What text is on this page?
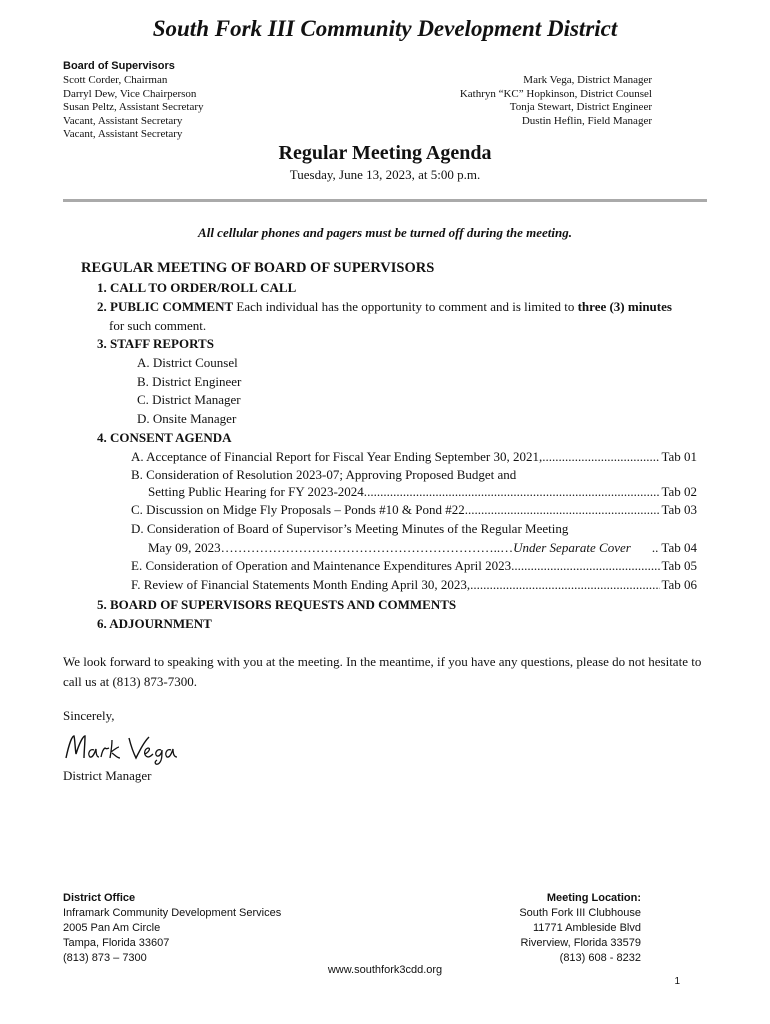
South Fork III Community Development District
Board of Supervisors
Scott Corder, Chairman
Darryl Dew, Vice Chairperson
Susan Peltz, Assistant Secretary
Vacant, Assistant Secretary
Vacant, Assistant Secretary
Mark Vega, District Manager
Kathryn “KC” Hopkinson, District Counsel
Tonja Stewart, District Engineer
Dustin Heflin, Field Manager
Regular Meeting Agenda
Tuesday, June 13, 2023, at 5:00 p.m.
All cellular phones and pagers must be turned off during the meeting.
REGULAR MEETING OF BOARD OF SUPERVISORS
1. CALL TO ORDER/ROLL CALL
2. PUBLIC COMMENT Each individual has the opportunity to comment and is limited to three (3) minutes
for such comment.
3. STAFF REPORTS
A. District Counsel
B. District Engineer
C. District Manager
D. Onsite Manager
4. CONSENT AGENDA
A. Acceptance of Financial Report for Fiscal Year Ending September 30, 2021, .....	Tab 01
B. Consideration of Resolution 2023-07; Approving Proposed Budget and
Setting Public Hearing for FY 2023-2024. .....	Tab 02
C. Discussion on Midge Fly Proposals – Ponds #10 & Pond #22 .....	Tab 03
D. Consideration of Board of Supervisor’s Meeting Minutes of the Regular Meeting
May 09, 2023………………………………………………………..… Under Separate Cover .. Tab 04
E. Consideration of Operation and Maintenance Expenditures April 2023 .....	Tab 05
F. Review of Financial Statements Month Ending April 30, 2023, .....	Tab 06
5. BOARD OF SUPERVISORS REQUESTS AND COMMENTS
6. ADJOURNMENT
We look forward to speaking with you at the meeting. In the meantime, if you have any questions, please do not hesitate to call us at (813) 873-7300.
Sincerely,
District Manager
District Office
Inframark Community Development Services
2005 Pan Am Circle
Tampa, Florida 33607
(813) 873 – 7300
Meeting Location:
South Fork III Clubhouse
11771 Ambleside Blvd
Riverview, Florida 33579
(813) 608 - 8232
www.southfork3cdd.org
1
